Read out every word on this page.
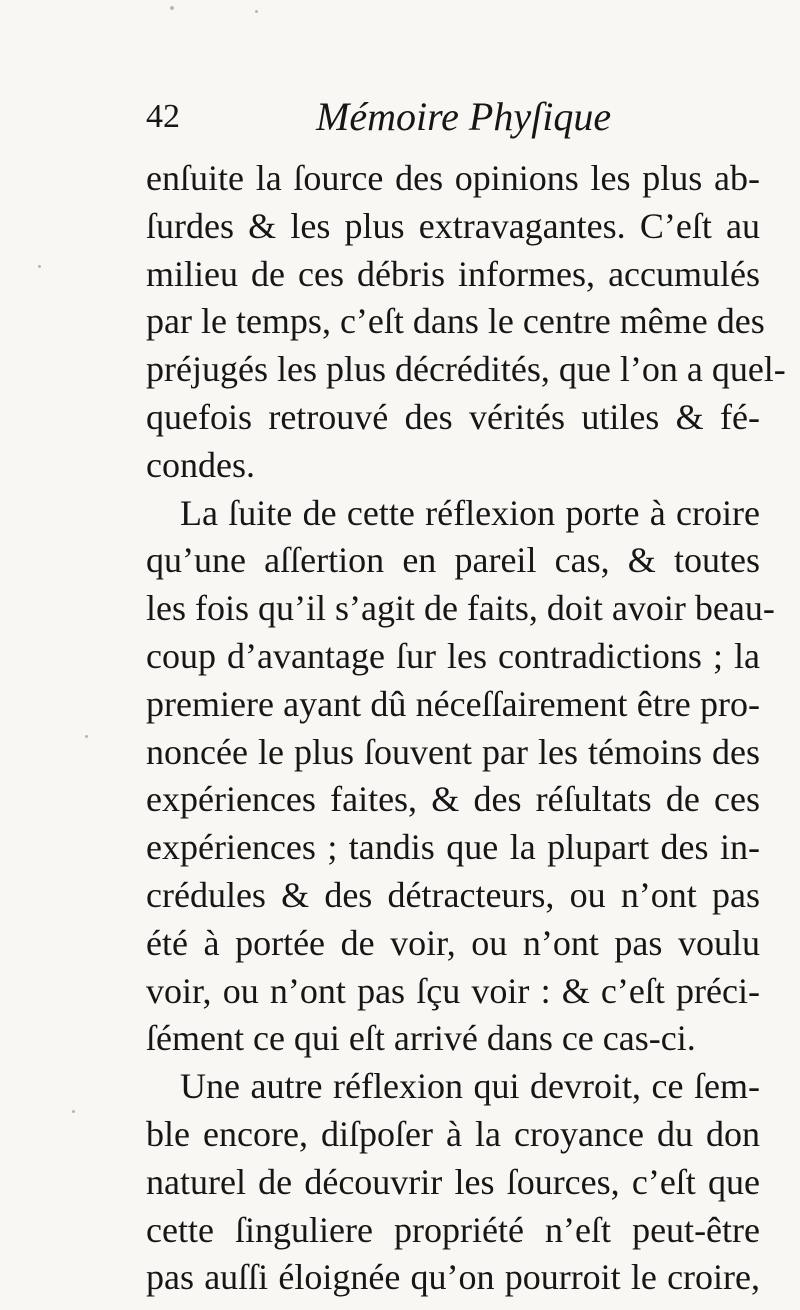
42	Mémoire Phyſique
enſuite la ſource des opinions les plus ab-
ſurdes & les plus extravagantes. C’eſt au
milieu de ces débris informes, accumulés
par le temps, c’eſt dans le centre même des
préjugés les plus décrédités, que l’on a quel-
quefois retrouvé des vérités utiles & fé-
condes.
La ſuite de cette réflexion porte à croire
qu’une aſſertion en pareil cas, & toutes
les fois qu’il s’agit de faits, doit avoir beau-
coup d’avantage ſur les contradictions ; la
premiere ayant dû néceſſairement être pro-
noncée le plus ſouvent par les témoins des
expériences faites, & des réſultats de ces
expériences ; tandis que la plupart des in-
crédules & des détracteurs, ou n’ont pas
été à portée de voir, ou n’ont pas voulu
voir, ou n’ont pas ſçu voir : & c’eſt préci-
ſément ce qui eſt arrivé dans ce cas-ci.
Une autre réflexion qui devroit, ce ſem-
ble encore, diſpoſer à la croyance du don
naturel de découvrir les ſources, c’eſt que
cette ſinguliere propriété n’eſt peut-être
pas auſſi éloignée qu’on pourroit le croire,
